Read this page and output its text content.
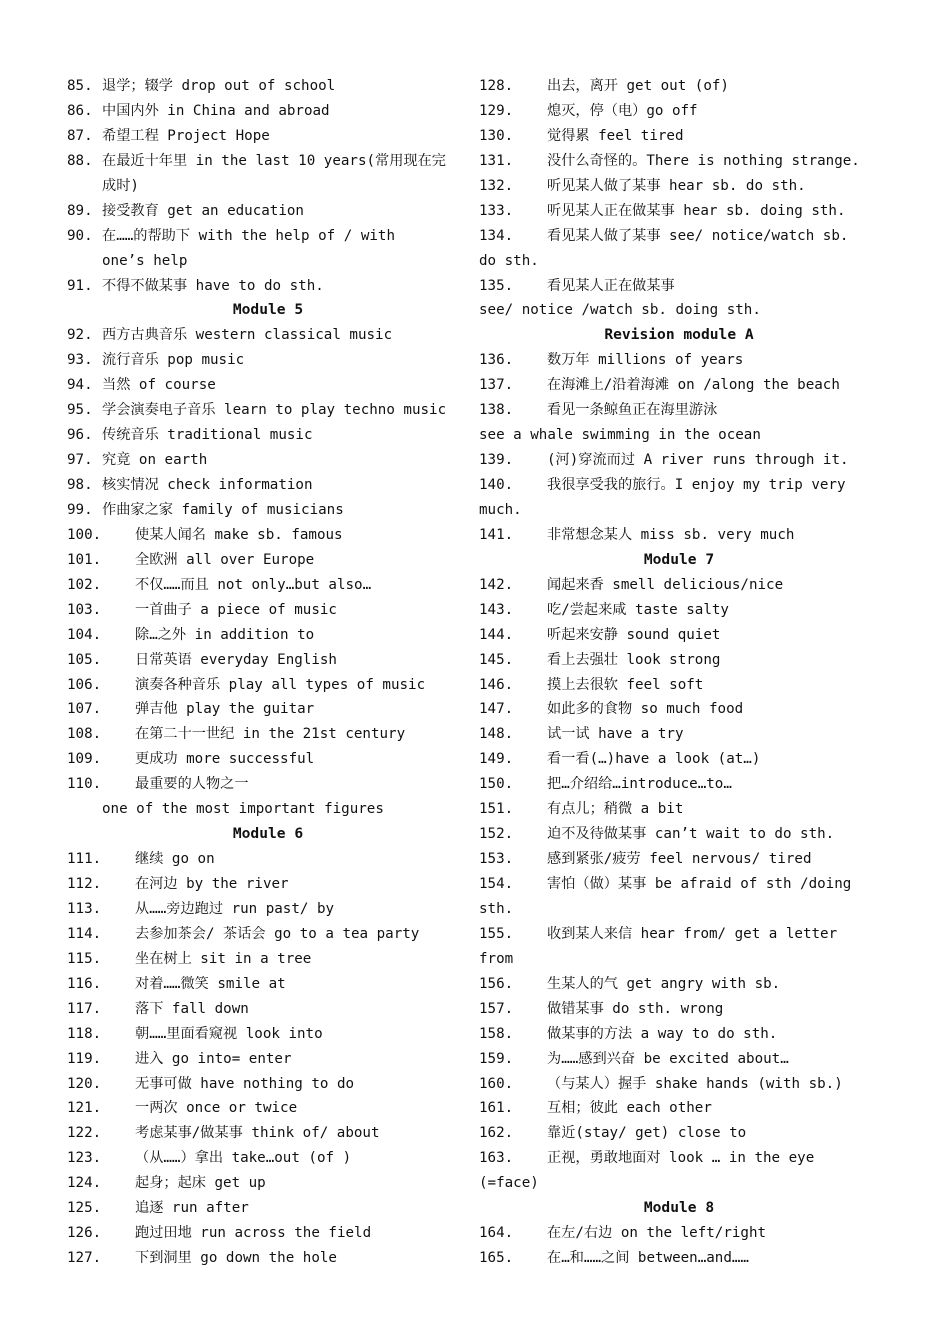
85. 退学；辍学 drop out of school
86. 中国内外 in China and abroad
87. 希望工程 Project Hope
88. 在最近十年里 in the last 10 years(常用现在完
成时)
89. 接受教育 get an education
90. 在……的帮助下 with the help of / with
one’s help
91. 不得不做某事 have to do sth.
Module 5
92. 西方古典音乐 western classical music
93. 流行音乐 pop music
94. 当然 of course
95. 学会演奏电子音乐 learn to play techno music
96. 传统音乐 traditional music
97. 究竟 on earth
98. 核实情况 check information
99. 作曲家之家 family of musicians
100. 使某人闻名 make sb. famous
101. 全欧洲 all over Europe
102. 不仅……而且 not only…but also…
103. 一首曲子 a piece of music
104. 除…之外 in addition to
105. 日常英语 everyday English
106. 演奏各种音乐 play all types of music
107. 弹吉他 play the guitar
108. 在第二十一世纪 in the 21st century
109. 更成功 more successful
110. 最重要的人物之一
one of the most important figures
Module 6
111. 继续 go on
112. 在河边 by the river
113. 从……旁边跑过 run past/ by
114. 去参加茶会/ 茶话会 go to a tea party
115. 坐在树上 sit in a tree
116. 对着……微笑 smile at
117. 落下 fall down
118. 朝……里面看窥视 look into
119. 进入 go into= enter
120. 无事可做 have nothing to do
121. 一两次 once or twice
122. 考虑某事/做某事 think of/ about
123. （从……）拿出 take…out (of )
124. 起身；起床 get up
125. 追逐 run after
126. 跑过田地 run across the field
127. 下到洞里 go down the hole
128. 出去，离开 get out (of)
129. 熄灭，停（电）go off
130. 觉得累 feel tired
131. 没什么奇怪的。There is nothing strange.
132. 听见某人做了某事 hear sb. do sth.
133. 听见某人正在做某事 hear sb. doing sth.
134. 看见某人做了某事 see/ notice/watch sb.
do sth.
135. 看见某人正在做某事
see/ notice /watch sb. doing sth.
Revision module A
136. 数万年 millions of years
137. 在海滩上/沿着海滩 on /along the beach
138. 看见一条鲸鱼正在海里游泳
see a whale swimming in the ocean
139. (河)穿流而过 A river runs through it.
140. 我很享受我的旅行。I enjoy my trip very
much.
141. 非常想念某人 miss sb. very much
Module 7
142. 闻起来香 smell delicious/nice
143. 吃/尝起来咸 taste salty
144. 听起来安静 sound quiet
145. 看上去强壮 look strong
146. 摸上去很软 feel soft
147. 如此多的食物 so much food
148. 试一试 have a try
149. 看一看(…)have a look (at…)
150. 把…介绍给…introduce…to…
151. 有点儿；稍微 a bit
152. 迫不及待做某事 can’t wait to do sth.
153. 感到紧张/疲劳 feel nervous/ tired
154. 害怕（做）某事 be afraid of sth /doing
sth.
155. 收到某人来信 hear from/ get a letter
from
156. 生某人的气 get angry with sb.
157. 做错某事 do sth. wrong
158. 做某事的方法 a way to do sth.
159. 为……感到兴奋 be excited about…
160. （与某人）握手 shake hands (with sb.)
161. 互相；彼此 each other
162. 靠近(stay/ get) close to
163. 正视，勇敢地面对 look … in the eye
(=face)
Module 8
164. 在左/右边 on the left/right
165. 在…和……之间 between…and……
